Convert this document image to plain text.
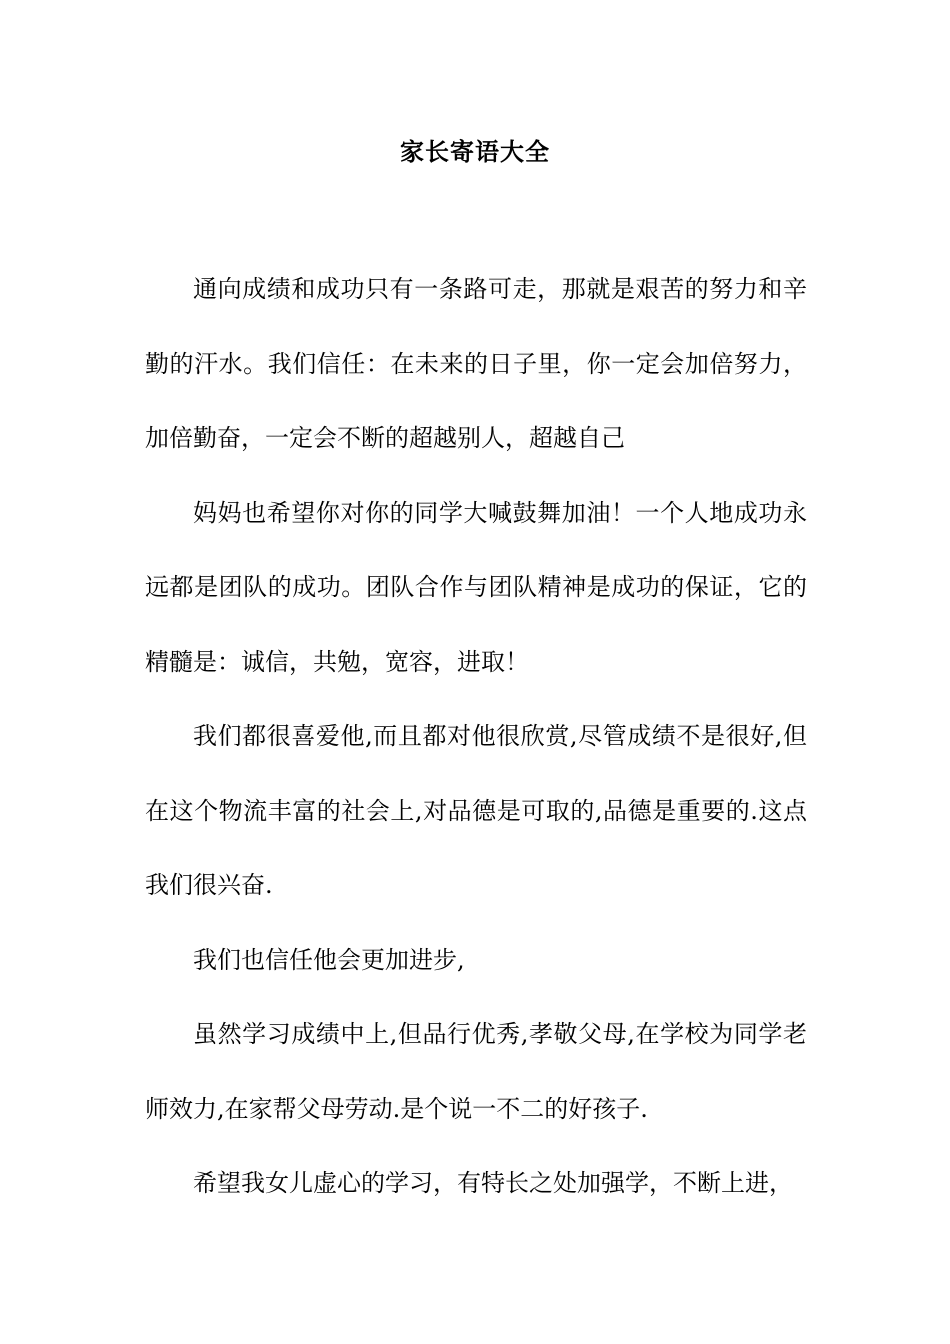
家长寄语大全

通向成绩和成功只有一条路可走，那就是艰苦的努力和辛勤的汗水。我们信任：在未来的日子里，你一定会加倍努力，加倍勤奋，一定会不断的超越别人，超越自己

妈妈也希望你对你的同学大喊鼓舞加油！一个人地成功永远都是团队的成功。团队合作与团队精神是成功的保证，它的精髓是：诚信，共勉，宽容，进取！

我们都很喜爱他,而且都对他很欣赏,尽管成绩不是很好,但在这个物流丰富的社会上,对品德是可取的,品德是重要的.这点我们很兴奋.

我们也信任他会更加进步,

虽然学习成绩中上,但品行优秀,孝敬父母,在学校为同学老师效力,在家帮父母劳动.是个说一不二的好孩子.

希望我女儿虚心的学习，有特长之处加强学，不断上进，
